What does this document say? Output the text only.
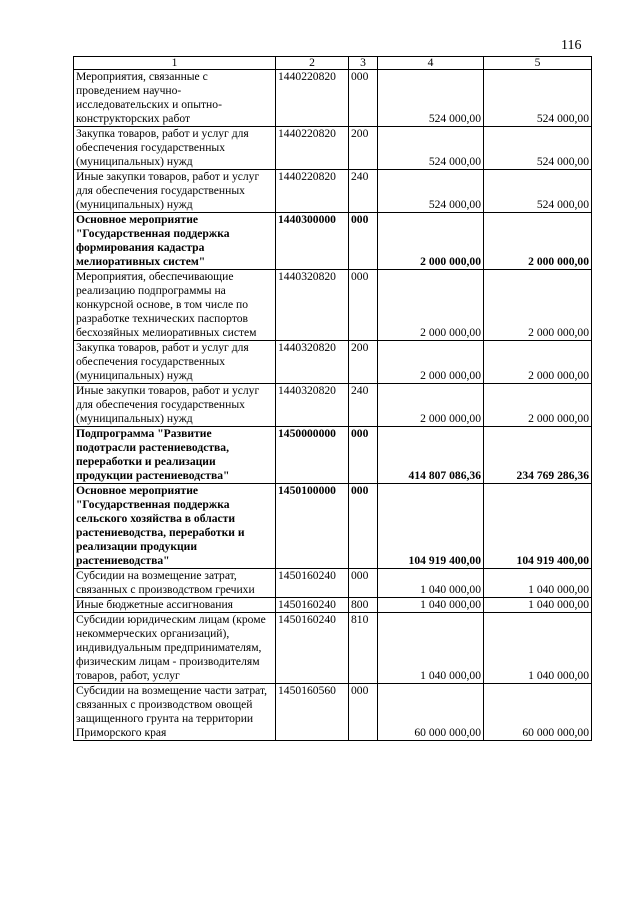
116
1	2	3	4	5
Мероприятия, связанные с проведением научно-исследовательских и опытно-конструкторских работ	1440220820	000	524 000,00	524 000,00
Закупка товаров, работ и услуг для обеспечения государственных (муниципальных) нужд	1440220820	200	524 000,00	524 000,00
Иные закупки товаров, работ и услуг для обеспечения государственных (муниципальных) нужд	1440220820	240	524 000,00	524 000,00
Основное мероприятие "Государственная поддержка формирования кадастра мелиоративных систем"	1440300000	000	2 000 000,00	2 000 000,00
Мероприятия, обеспечивающие реализацию подпрограммы на конкурсной основе, в том числе по разработке технических паспортов бесхозяйных мелиоративных систем	1440320820	000	2 000 000,00	2 000 000,00
Закупка товаров, работ и услуг для обеспечения государственных (муниципальных) нужд	1440320820	200	2 000 000,00	2 000 000,00
Иные закупки товаров, работ и услуг для обеспечения государственных (муниципальных) нужд	1440320820	240	2 000 000,00	2 000 000,00
Подпрограмма "Развитие подотрасли растениеводства, переработки и реализации продукции растениеводства"	1450000000	000	414 807 086,36	234 769 286,36
Основное мероприятие "Государственная поддержка сельского хозяйства в области растениеводства, переработки и реализации продукции растениеводства"	1450100000	000	104 919 400,00	104 919 400,00
Субсидии на возмещение затрат, связанных с производством гречихи	1450160240	000	1 040 000,00	1 040 000,00
Иные бюджетные ассигнования	1450160240	800	1 040 000,00	1 040 000,00
Субсидии юридическим лицам (кроме некоммерческих организаций), индивидуальным предпринимателям, физическим лицам - производителям товаров, работ, услуг	1450160240	810	1 040 000,00	1 040 000,00
Субсидии на возмещение части затрат, связанных с производством овощей защищенного грунта на территории Приморского края	1450160560	000	60 000 000,00	60 000 000,00
